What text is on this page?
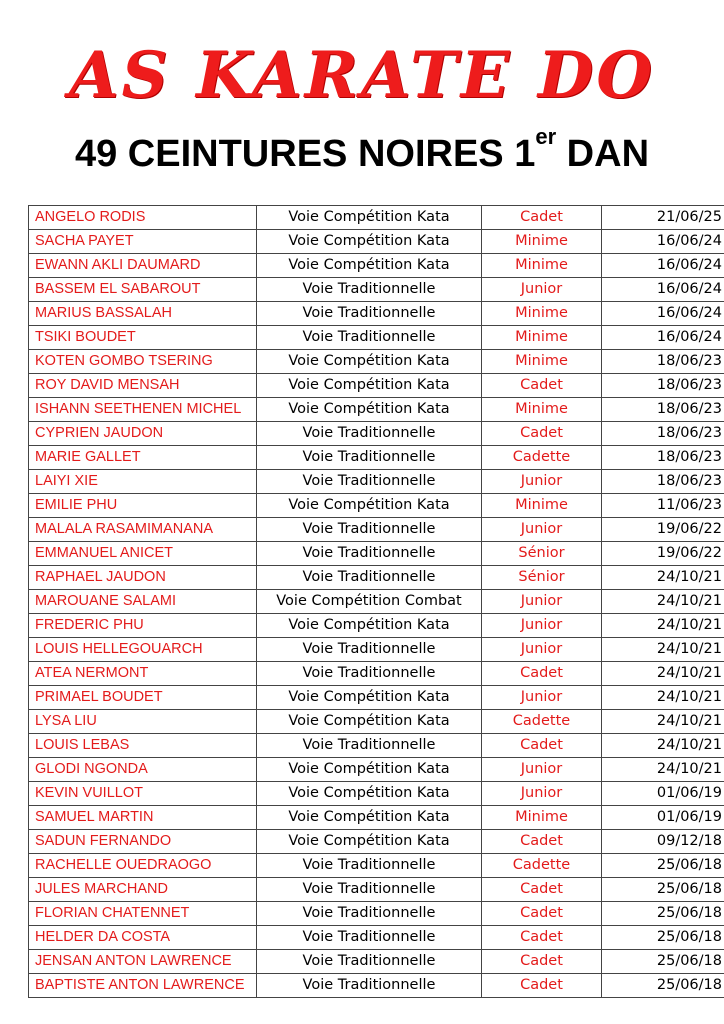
AS KARATE DO
49 CEINTURES NOIRES 1er DAN
ANGELO RODIS	Voie Compétition Kata	Cadet	21/06/25
SACHA PAYET	Voie Compétition Kata	Minime	16/06/24
EWANN AKLI DAUMARD	Voie Compétition Kata	Minime	16/06/24
BASSEM EL SABAROUT	Voie Traditionnelle	Junior	16/06/24
MARIUS BASSALAH	Voie Traditionnelle	Minime	16/06/24
TSIKI BOUDET	Voie Traditionnelle	Minime	16/06/24
KOTEN GOMBO TSERING	Voie Compétition Kata	Minime	18/06/23
ROY DAVID MENSAH	Voie Compétition Kata	Cadet	18/06/23
ISHANN SEETHENEN MICHEL	Voie Compétition Kata	Minime	18/06/23
CYPRIEN JAUDON	Voie Traditionnelle	Cadet	18/06/23
MARIE GALLET	Voie Traditionnelle	Cadette	18/06/23
LAIYI XIE	Voie Traditionnelle	Junior	18/06/23
EMILIE PHU	Voie Compétition Kata	Minime	11/06/23
MALALA RASAMIMANANA	Voie Traditionnelle	Junior	19/06/22
EMMANUEL ANICET	Voie Traditionnelle	Sénior	19/06/22
RAPHAEL JAUDON	Voie Traditionnelle	Sénior	24/10/21
MAROUANE SALAMI	Voie Compétition Combat	Junior	24/10/21
FREDERIC PHU	Voie Compétition Kata	Junior	24/10/21
LOUIS HELLEGOUARCH	Voie Traditionnelle	Junior	24/10/21
ATEA NERMONT	Voie Traditionnelle	Cadet	24/10/21
PRIMAEL BOUDET	Voie Compétition Kata	Junior	24/10/21
LYSA LIU	Voie Compétition Kata	Cadette	24/10/21
LOUIS LEBAS	Voie Traditionnelle	Cadet	24/10/21
GLODI NGONDA	Voie Compétition Kata	Junior	24/10/21
KEVIN VUILLOT	Voie Compétition Kata	Junior	01/06/19
SAMUEL MARTIN	Voie Compétition Kata	Minime	01/06/19
SADUN FERNANDO	Voie Compétition Kata	Cadet	09/12/18
RACHELLE OUEDRAOGO	Voie Traditionnelle	Cadette	25/06/18
JULES MARCHAND	Voie Traditionnelle	Cadet	25/06/18
FLORIAN CHATENNET	Voie Traditionnelle	Cadet	25/06/18
HELDER DA COSTA	Voie Traditionnelle	Cadet	25/06/18
JENSAN ANTON LAWRENCE	Voie Traditionnelle	Cadet	25/06/18
BAPTISTE ANTON LAWRENCE	Voie Traditionnelle	Cadet	25/06/18
